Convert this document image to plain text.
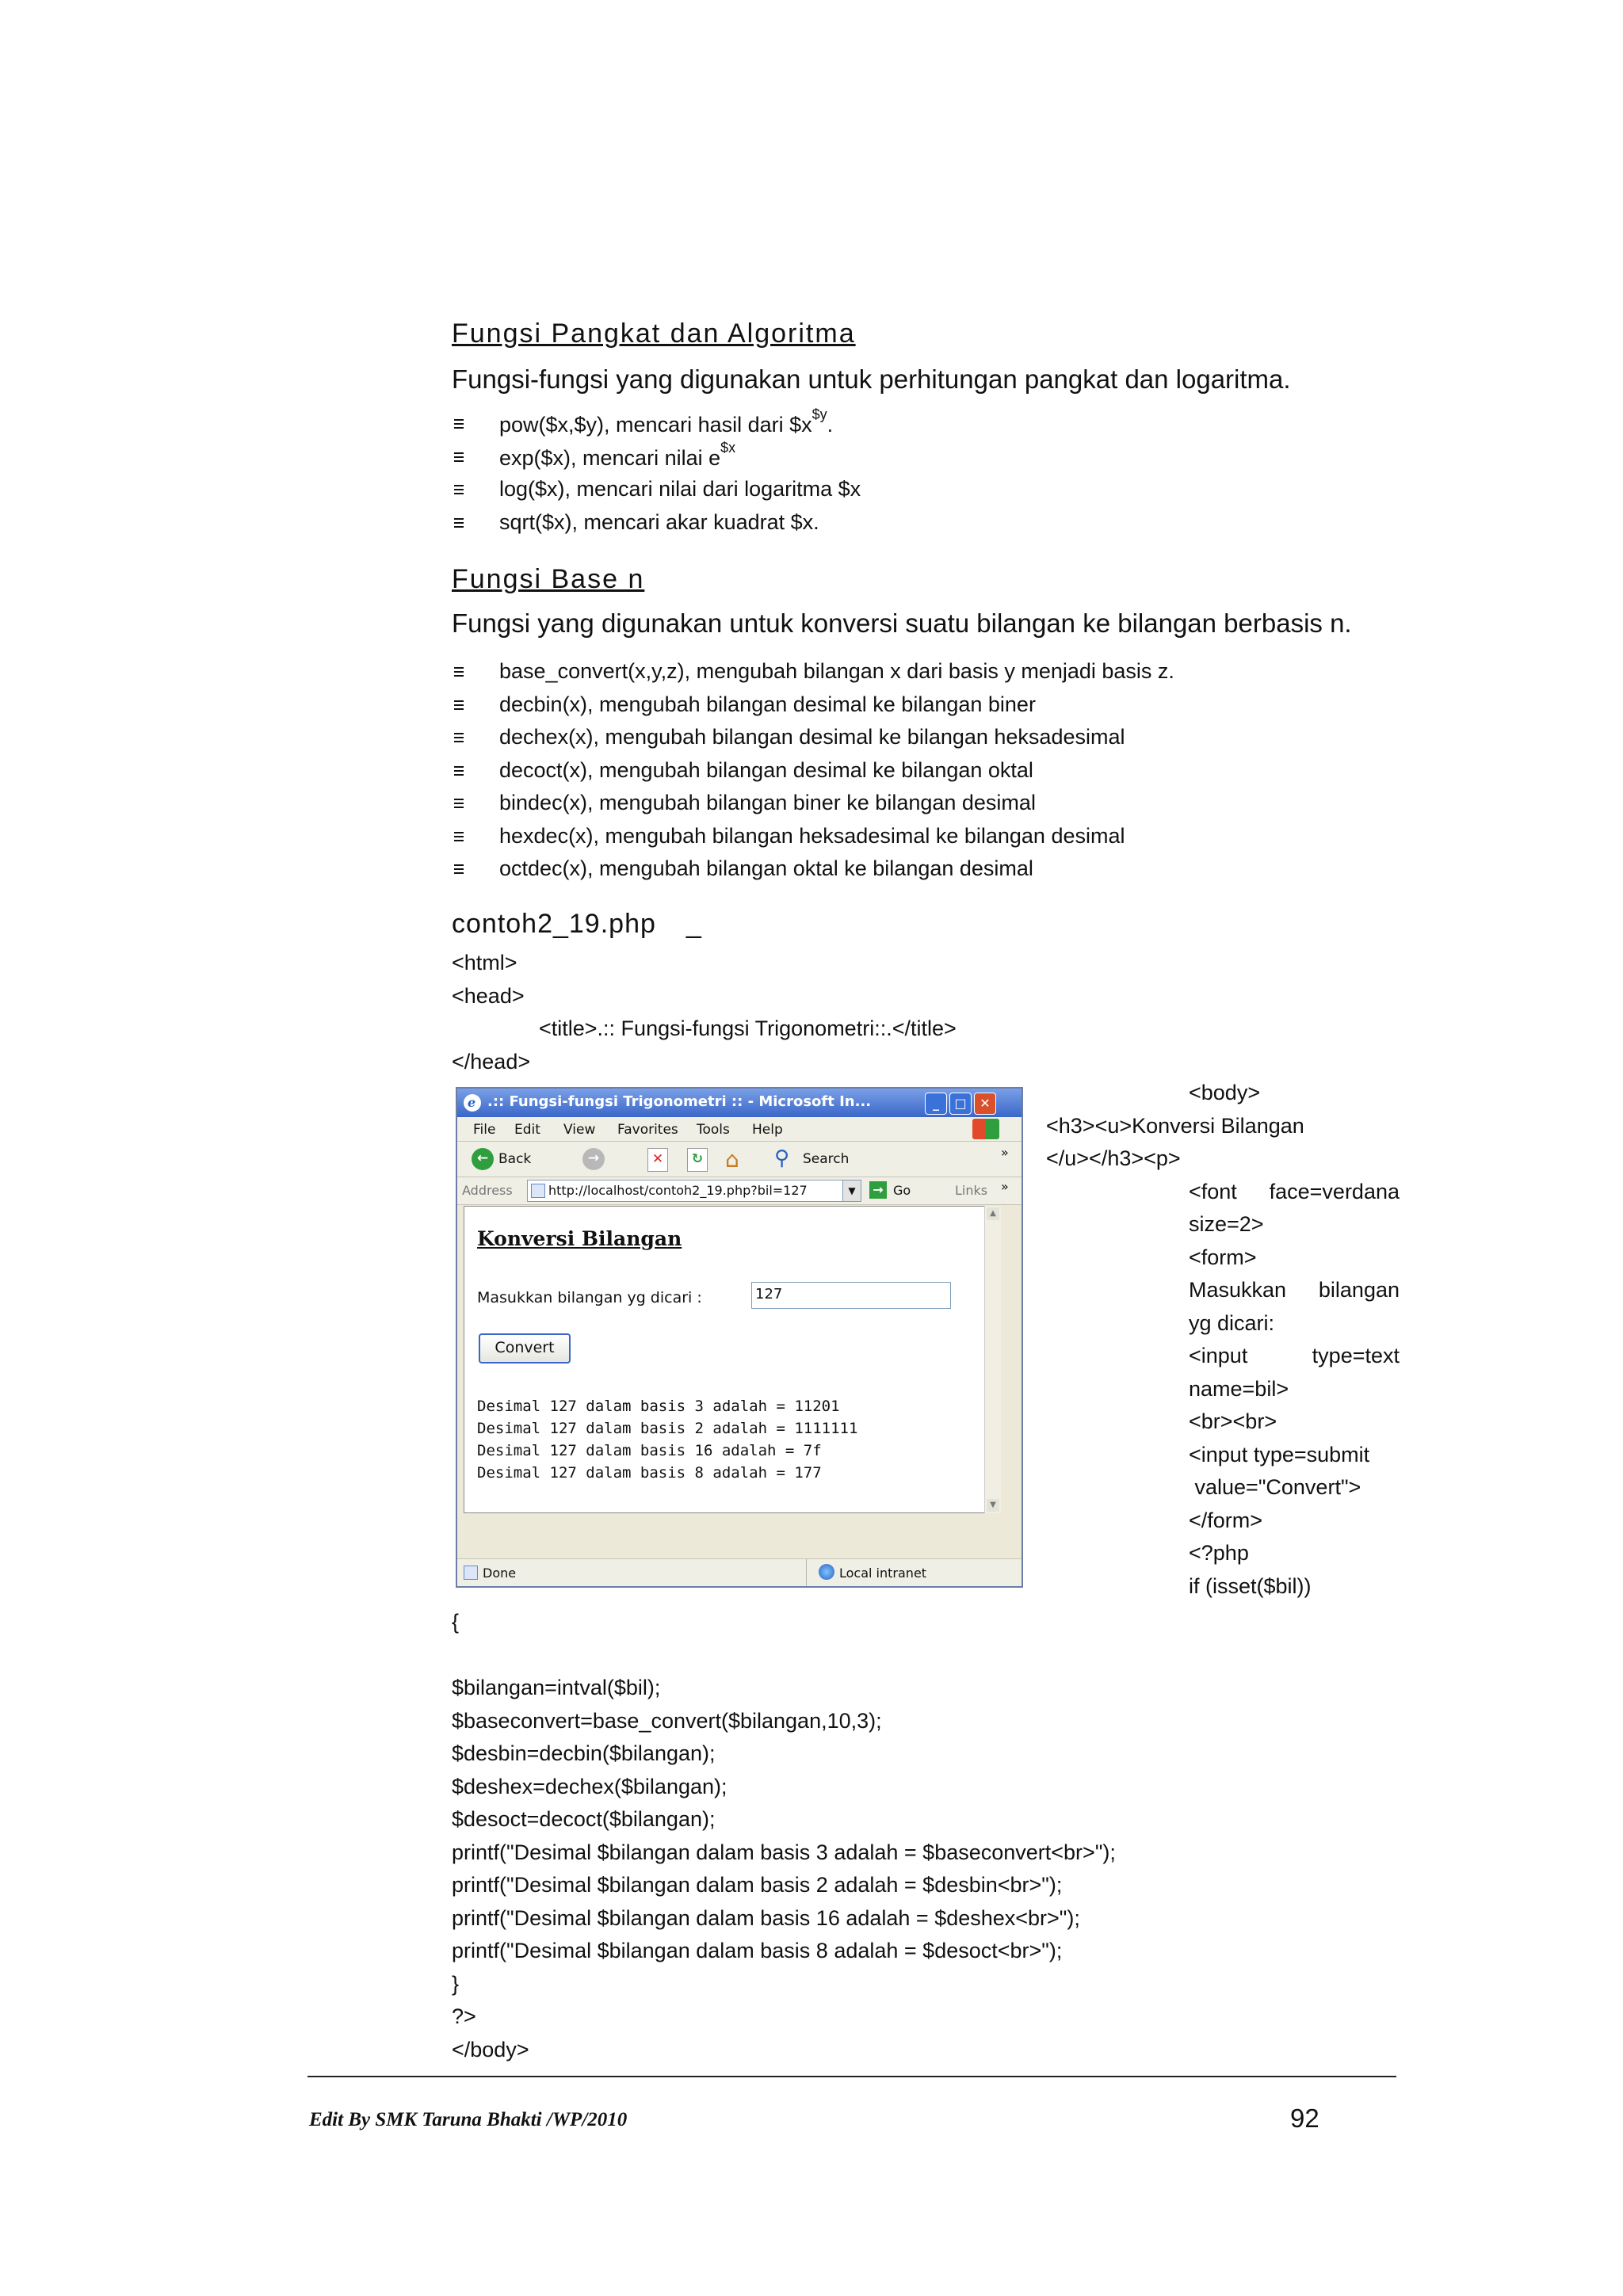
Fungsi Pangkat dan Algoritma
Fungsi-fungsi yang digunakan untuk perhitungan pangkat dan logaritma.
pow($x,$y), mencari hasil dari $\$x^{\$y}$.
exp($x), mencari nilai $e^{\$x}$
log($x), mencari nilai dari logaritma $x
sqrt($x), mencari akar kuadrat $x.
Fungsi Base n
Fungsi yang digunakan untuk konversi suatu bilangan ke bilangan berbasis n.
base_convert(x,y,z), mengubah bilangan x dari basis y menjadi basis z.
decbin(x), mengubah bilangan desimal ke bilangan biner
dechex(x), mengubah bilangan desimal ke bilangan heksadesimal
decoct(x), mengubah bilangan desimal ke bilangan oktal
bindec(x), mengubah bilangan biner ke bilangan desimal
hexdec(x), mengubah bilangan heksadesimal ke bilangan desimal
octdec(x), mengubah bilangan oktal ke bilangan desimal
contoh2_19.php _
<html>
<head>
<title>.:: Fungsi-fungsi Trigonometri::.</title>
</head>
e .:: Fungsi-fungsi Trigonometri :: - Microsoft In...	_	□	✕
File Edit View Favorites Tools Help
← Back	→	✕	↻ ⌂ ⚲ Search	»
Address	http://localhost/contoh2_19.php?bil=127	▼	→ Go	Links »
Konversi Bilangan
Masukkan bilangan yg dicari :	127
Convert
Desimal 127 dalam basis 3 adalah = 11201
Desimal 127 dalam basis 2 adalah = 1111111
Desimal 127 dalam basis 16 adalah = 7f
Desimal 127 dalam basis 8 adalah = 177
▲
▼
Done	Local intranet
<body>
<h3><u>Konversi Bilangan
</u></h3><p>
<font face=verdana
size=2>
<form>
Masukkan bilangan
yg dicari:
<input	type=text
name=bil>
<br><br>
<input type=submit
value="Convert">
</form>
<?php
if (isset($bil))
{
$bilangan=intval($bil);
$baseconvert=base_convert($bilangan,10,3);
$desbin=decbin($bilangan);
$deshex=dechex($bilangan);
$desoct=decoct($bilangan);
printf("Desimal $bilangan dalam basis 3 adalah = $baseconvert<br>");
printf("Desimal $bilangan dalam basis 2 adalah = $desbin<br>");
printf("Desimal $bilangan dalam basis 16 adalah = $deshex<br>");
printf("Desimal $bilangan dalam basis 8 adalah = $desoct<br>");
}
?>
</body>
Edit By SMK Taruna Bhakti /WP/2010	92
